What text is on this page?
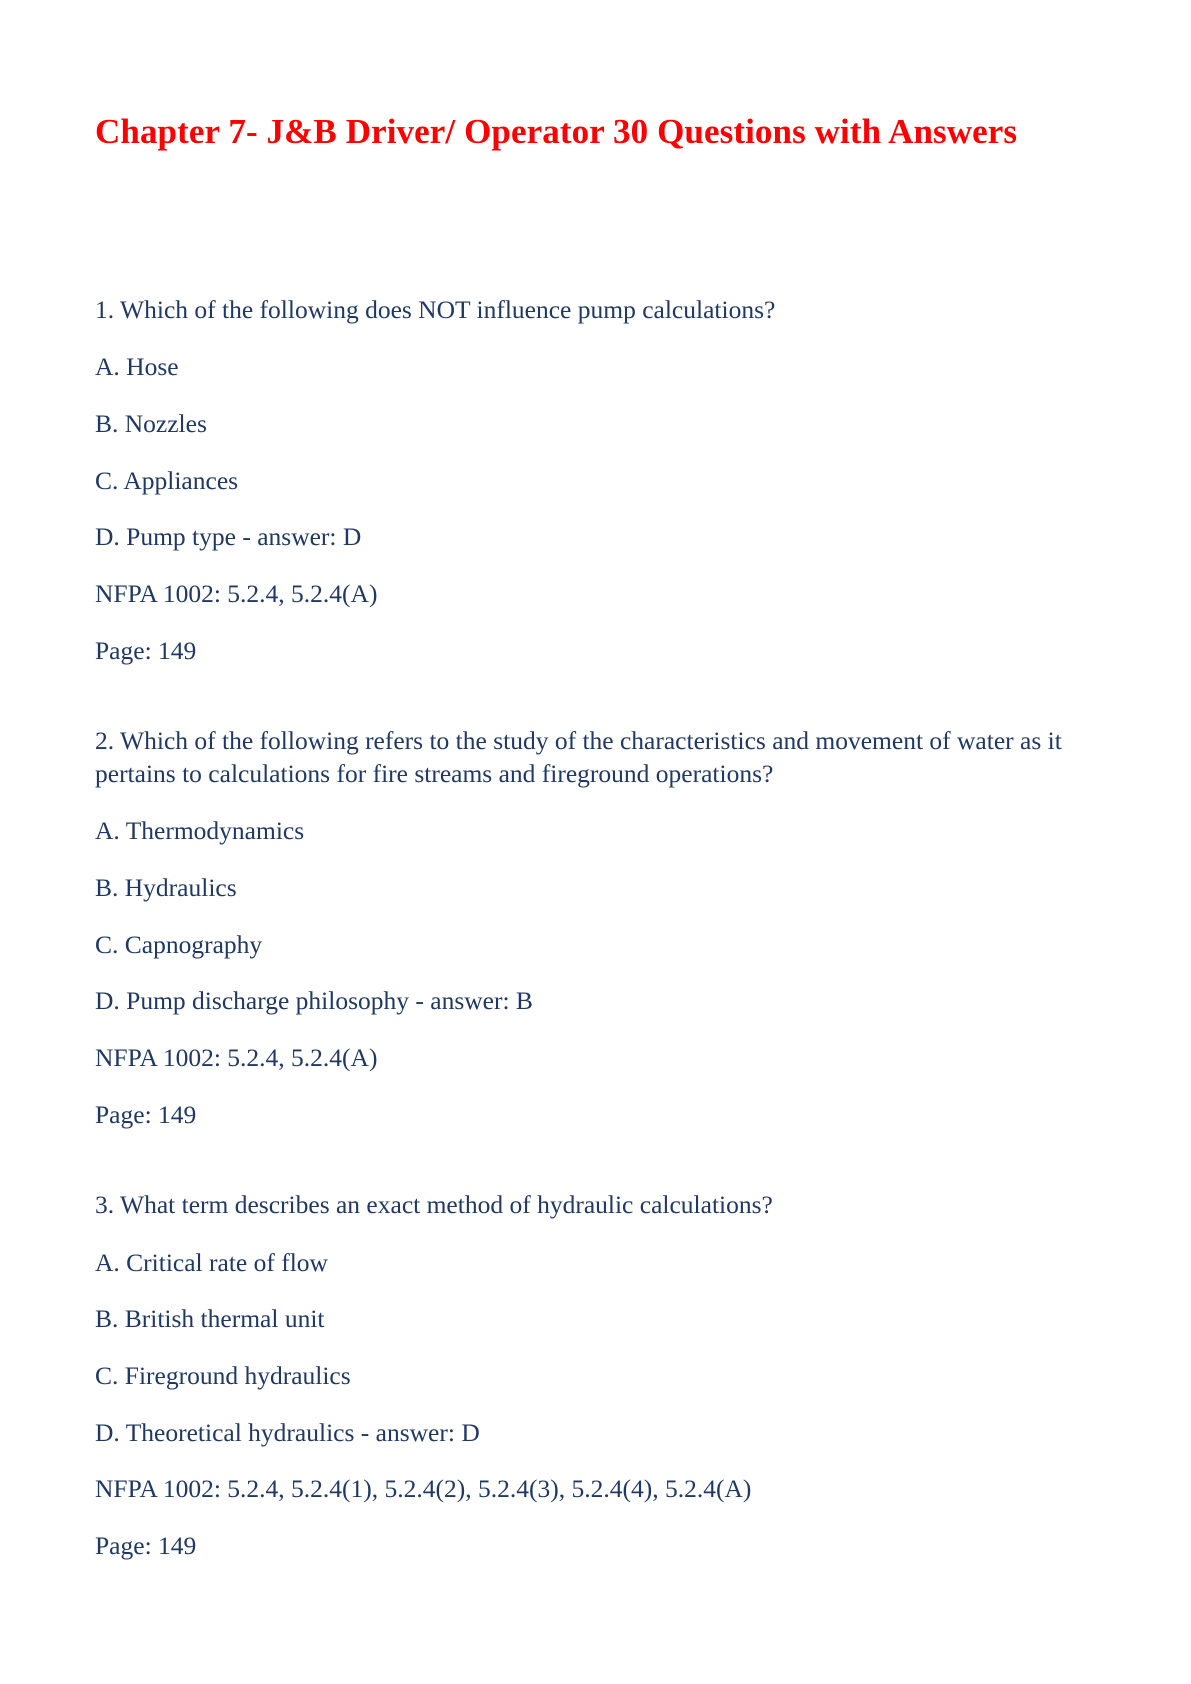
Chapter 7- J&B Driver/ Operator 30 Questions with Answers

1. Which of the following does NOT influence pump calculations?

A. Hose

B. Nozzles

C. Appliances

D. Pump type - answer: D

NFPA 1002: 5.2.4, 5.2.4(A)

Page: 149

2. Which of the following refers to the study of the characteristics and movement of water as it pertains to calculations for fire streams and fireground operations?

A. Thermodynamics

B. Hydraulics

C. Capnography

D. Pump discharge philosophy - answer: B

NFPA 1002: 5.2.4, 5.2.4(A)

Page: 149

3. What term describes an exact method of hydraulic calculations?

A. Critical rate of flow

B. British thermal unit

C. Fireground hydraulics

D. Theoretical hydraulics - answer: D

NFPA 1002: 5.2.4, 5.2.4(1), 5.2.4(2), 5.2.4(3), 5.2.4(4), 5.2.4(A)

Page: 149
